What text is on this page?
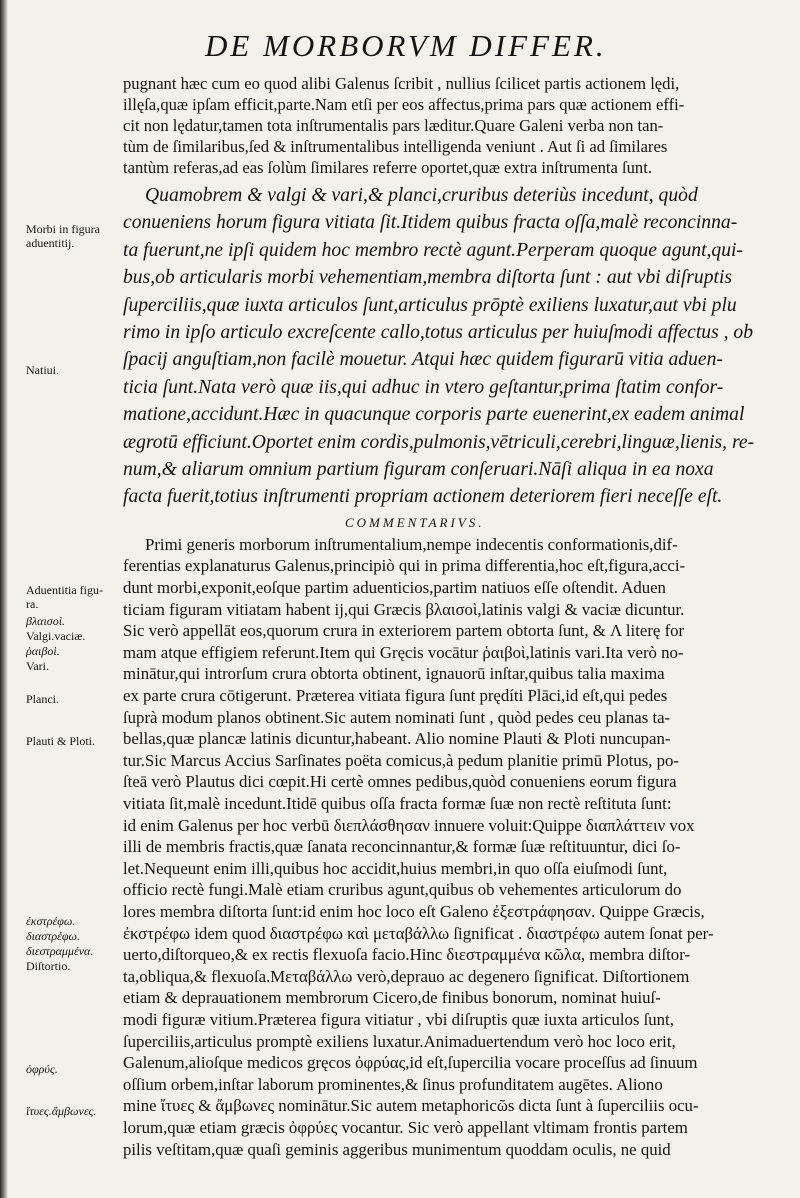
DE MORBORVM DIFFER.

Morbi in figura
aduentitij.
Natiui.
Aduentitia figu-
ra.
βλαισοὶ.
Valgi.vaciæ.
ῥαιβοὶ.
Vari.
Planci.
Plauti & Ploti.
ἐκστρέφω.
διαστρέφω.
διεστραμμένα.
Diſtortio.
ὀφρύς.
ἴτυες.ἄμβωνες.
pugnant hæc cum eo quod alibi Galenus ſcribit , nullius ſcilicet partis actionem lędi,
illęſa,quæ ipſam efficit,parte.Nam etſi per eos affectus,prima pars quæ actionem effi-
cit non lędatur,tamen tota inſtrumentalis pars læditur.Quare Galeni verba non tan-
tùm de ſimilaribus,ſed & inſtrumentalibus intelligenda veniunt . Aut ſi ad ſimilares
tantùm referas,ad eas ſolùm ſimilares referre oportet,quæ extra inſtrumenta ſunt.
Quamobrem & valgi & vari,& planci,cruribus deteriùs incedunt, quòd
conueniens horum figura vitiata ſit.Itidem quibus fracta oſſa,malè reconcinna-
ta fuerunt,ne ipſi quidem hoc membro rectè agunt.Perperam quoque agunt,qui-
bus,ob articularis morbi vehementiam,membra diſtorta ſunt : aut vbi diſruptis
ſuperciliis,quæ iuxta articulos ſunt,articulus prōptè exiliens luxatur,aut vbi plu
rimo in ipſo articulo excreſcente callo,totus articulus per huiuſmodi affectus , ob
ſpacij anguſtiam,non facilè mouetur. Atqui hæc quidem figurarū vitia aduen-
ticia ſunt.Nata verò quæ iis,qui adhuc in vtero geſtantur,prima ſtatim confor-
matione,accidunt.Hæc in quacunque corporis parte euenerint,ex eadem animal
ægrotū efficiunt.Oportet enim cordis,pulmonis,vētriculi,cerebri,linguæ,lienis, re-
num,& aliarum omnium partium figuram conſeruari.Nāſi aliqua in ea noxa
facta fuerit,totius inſtrumenti propriam actionem deteriorem fieri neceſſe eſt.
COMMENTARIVS.
Primi generis morborum inſtrumentalium,nempe indecentis conformationis,dif-
ferentias explanaturus Galenus,principiò qui in prima differentia,hoc eſt,figura,acci-
dunt morbi,exponit,eoſque partim aduenticios,partim natiuos eſſe oſtendit. Aduen
ticiam figuram vitiatam habent ij,qui Græcis βλαισοὶ,latinis valgi & vaciæ dicuntur.
Sic verò appellāt eos,quorum crura in exteriorem partem obtorta ſunt, & Λ literę for
mam atque effigiem referunt.Item qui Gręcis vocātur ῥαιβοὶ,latinis vari.Ita verò no-
minātur,qui introrſum crura obtorta obtinent, ignauorū inſtar,quibus talia maxima
ex parte crura cōtigerunt. Præterea vitiata figura ſunt prędíti Plāci,id eſt,qui pedes
ſuprà modum planos obtinent.Sic autem nominati ſunt , quòd pedes ceu planas ta-
bellas,quæ plancæ latinis dicuntur,habeant. Alio nomine Plauti & Ploti nuncupan-
tur.Sic Marcus Accius Sarſinates poëta comicus,à pedum planitie primū Plotus, po-
ſteā verò Plautus dici cœpit.Hi certè omnes pedibus,quòd conueniens eorum figura
vitiata ſit,malè incedunt.Itidē quibus oſſa fracta formæ ſuæ non rectè reſtituta ſunt:
id enim Galenus per hoc verbū διεπλάσθησαν innuere voluit:Quippe διαπλάττειν vox
illi de membris fractis,quæ ſanata reconcinnantur,& formæ ſuæ reſtituuntur, dici ſo-
let.Nequeunt enim illi,quibus hoc accidit,huius membri,in quo oſſa eiuſmodi ſunt,
officio rectè fungi.Malè etiam cruribus agunt,quibus ob vehementes articulorum do
lores membra diſtorta ſunt:id enim hoc loco eſt Galeno ἐξεστράφησαν. Quippe Græcis,
ἐκστρέφω idem quod διαστρέφω καὶ μεταβάλλω ſignificat . διαστρέφω autem ſonat per-
uerto,diſtorqueo,& ex rectis flexuoſa facio.Hinc διεστραμμένα κῶλα, membra diſtor-
ta,obliqua,& flexuoſa.Μεταβάλλω verò,deprauo ac degenero ſignificat. Diſtortionem
etiam & deprauationem membrorum Cicero,de finibus bonorum, nominat huiuſ-
modi figuræ vitium.Præterea figura vitiatur , vbi diſruptis quæ iuxta articulos ſunt,
ſuperciliis,articulus promptè exiliens luxatur.Animaduertendum verò hoc loco erit,
Galenum,alioſque medicos gręcos ὀφρύας,id eſt,ſupercilia vocare proceſſus ad ſinuum
oſſium orbem,inſtar laborum prominentes,& ſinus profunditatem augētes. Aliono
mine ἴτυες & ἄμβωνες nominātur.Sic autem metaphoricῶs dicta ſunt à ſuperciliis ocu-
lorum,quæ etiam græcis ὀφρύες vocantur. Sic verò appellant vltimam frontis partem
pilis veſtitam,quæ quaſi geminis aggeribus munimentum quoddam oculis, ne quid
